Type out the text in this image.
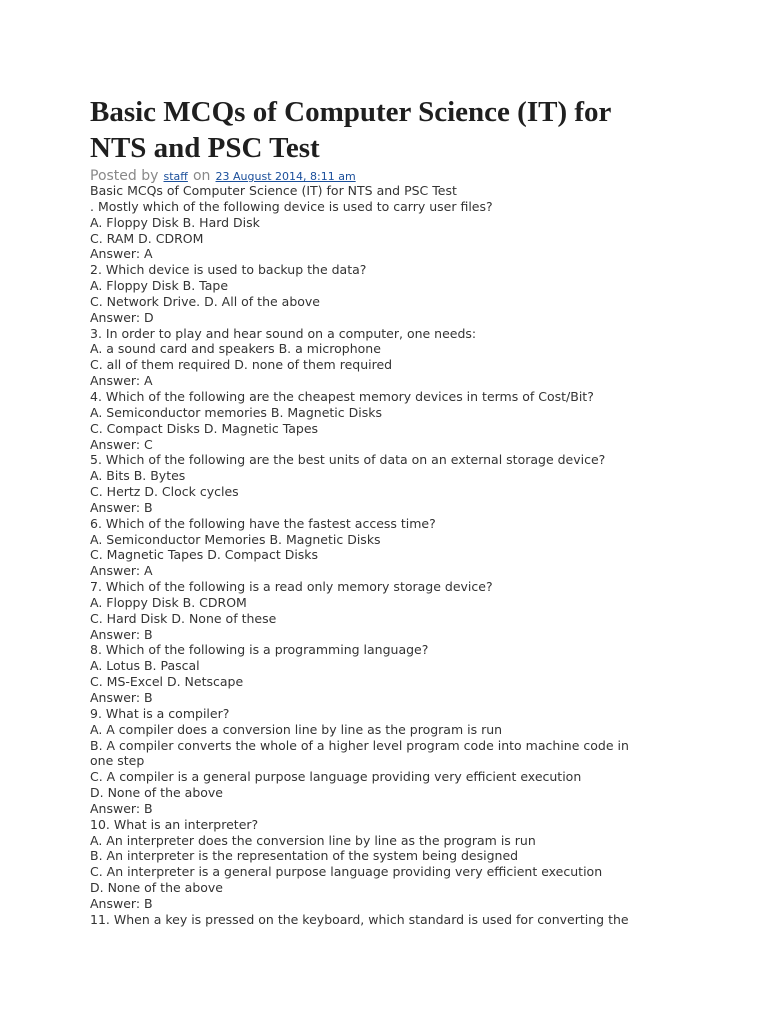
Basic MCQs of Computer Science (IT) for
NTS and PSC Test
Posted by staff on 23 August 2014, 8:11 am
Basic MCQs of Computer Science (IT) for NTS and PSC Test
. Mostly which of the following device is used to carry user files?
A. Floppy Disk B. Hard Disk
C. RAM D. CDROM
Answer: A
2. Which device is used to backup the data?
A. Floppy Disk B. Tape
C. Network Drive. D. All of the above
Answer: D
3. In order to play and hear sound on a computer, one needs:
A. a sound card and speakers B. a microphone
C. all of them required D. none of them required
Answer: A
4. Which of the following are the cheapest memory devices in terms of Cost/Bit?
A. Semiconductor memories B. Magnetic Disks
C. Compact Disks D. Magnetic Tapes
Answer: C
5. Which of the following are the best units of data on an external storage device?
A. Bits B. Bytes
C. Hertz D. Clock cycles
Answer: B
6. Which of the following have the fastest access time?
A. Semiconductor Memories B. Magnetic Disks
C. Magnetic Tapes D. Compact Disks
Answer: A
7. Which of the following is a read only memory storage device?
A. Floppy Disk B. CDROM
C. Hard Disk D. None of these
Answer: B
8. Which of the following is a programming language?
A. Lotus B. Pascal
C. MS-Excel D. Netscape
Answer: B
9. What is a compiler?
A. A compiler does a conversion line by line as the program is run
B. A compiler converts the whole of a higher level program code into machine code in
one step
C. A compiler is a general purpose language providing very efficient execution
D. None of the above
Answer: B
10. What is an interpreter?
A. An interpreter does the conversion line by line as the program is run
B. An interpreter is the representation of the system being designed
C. An interpreter is a general purpose language providing very efficient execution
D. None of the above
Answer: B
11. When a key is pressed on the keyboard, which standard is used for converting the
